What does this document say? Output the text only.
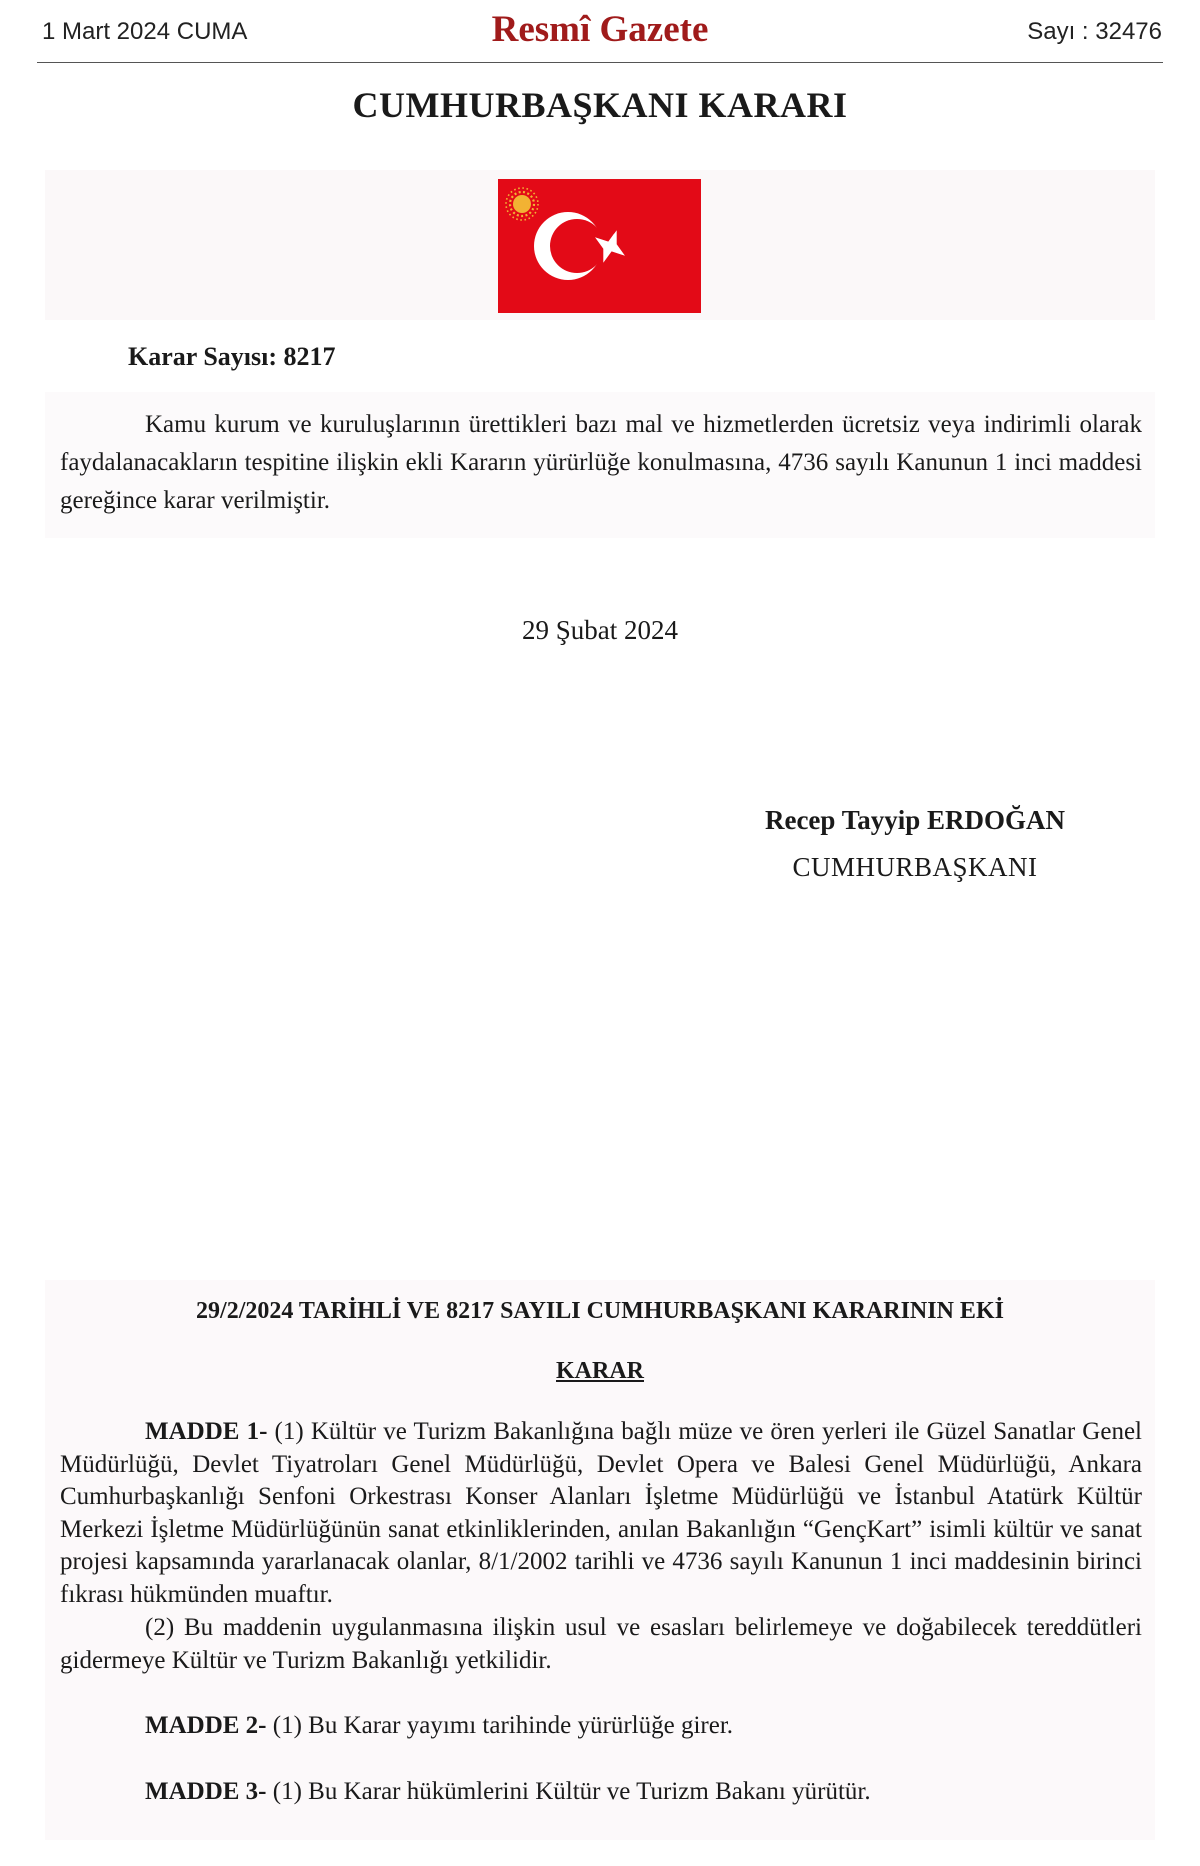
1 Mart 2024 CUMA	Resmî Gazete	Sayı : 32476
CUMHURBAŞKANI KARARI
Karar Sayısı: 8217
Kamu kurum ve kuruluşlarının ürettikleri bazı mal ve hizmetlerden ücretsiz veya indirimli olarak faydalanacakların tespitine ilişkin ekli Kararın yürürlüğe konulmasına, 4736 sayılı Kanunun 1 inci maddesi gereğince karar verilmiştir.
29 Şubat 2024
Recep Tayyip ERDOĞAN
CUMHURBAŞKANI
29/2/2024 TARİHLİ VE 8217 SAYILI CUMHURBAŞKANI KARARININ EKİ
KARAR
MADDE 1- (1) Kültür ve Turizm Bakanlığına bağlı müze ve ören yerleri ile Güzel Sanatlar Genel Müdürlüğü, Devlet Tiyatroları Genel Müdürlüğü, Devlet Opera ve Balesi Genel Müdürlüğü, Ankara Cumhurbaşkanlığı Senfoni Orkestrası Konser Alanları İşletme Müdürlüğü ve İstanbul Atatürk Kültür Merkezi İşletme Müdürlüğünün sanat etkinliklerinden, anılan Bakanlığın “GençKart” isimli kültür ve sanat projesi kapsamında yararlanacak olanlar, 8/1/2002 tarihli ve 4736 sayılı Kanunun 1 inci maddesinin birinci fıkrası hükmünden muaftır.
(2) Bu maddenin uygulanmasına ilişkin usul ve esasları belirlemeye ve doğabilecek tereddütleri gidermeye Kültür ve Turizm Bakanlığı yetkilidir.
MADDE 2- (1) Bu Karar yayımı tarihinde yürürlüğe girer.
MADDE 3- (1) Bu Karar hükümlerini Kültür ve Turizm Bakanı yürütür.
